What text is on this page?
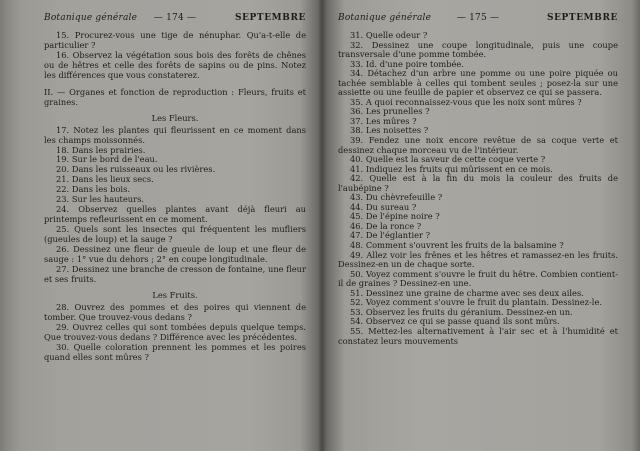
Botanique générale	— 174 —	SEPTEMBRE

15. Procurez-vous une tige de nénuphar. Qu'a-t-elle de particulier ?

16. Observez la végétation sous bois des forêts de chênes ou de hêtres et celle des forêts de sapins ou de pins. Notez les différences que vous constaterez.

II. — Organes et fonction de reproduction : Fleurs, fruits et graines.

Les Fleurs.

17. Notez les plantes qui fleurissent en ce moment dans les champs moissonnés.

18. Dans les prairies.

19. Sur le bord de l'eau.

20. Dans les ruisseaux ou les rivières.

21. Dans les lieux secs.

22. Dans les bois.

23. Sur les hauteurs.

24. Observez quelles plantes avant déjà fleuri au printemps refleurissent en ce moment.

25. Quels sont les insectes qui fréquentent les mufliers (gueules de loup) et la sauge ?

26. Dessinez une fleur de gueule de loup et une fleur de sauge : 1° vue du dehors ; 2° en coupe longitudinale.

27. Dessinez une branche de cresson de fontaine, une fleur et ses fruits.

Les Fruits.

28. Ouvrez des pommes et des poires qui viennent de tomber. Que trouvez-vous dedans ?

29. Ouvrez celles qui sont tombées depuis quelque temps. Que trouvez-vous dedans ? Différence avec les précédentes.

30. Quelle coloration prennent les pommes et les poires quand elles sont mûres ?

Botanique générale	— 175 —	SEPTEMBRE

31. Quelle odeur ?

32. Dessinez une coupe longitudinale, puis une coupe transversale d'une pomme tombée.

33. Id. d'une poire tombée.

34. Détachez d'un arbre une pomme ou une poire piquée ou tachée semblable à celles qui tombent seules ; posez-la sur une assiette ou une feuille de papier et observez ce qui se passera.

35. A quoi reconnaissez-vous que les noix sont mûres ?

36. Les prunelles ?

37. Les mûres ?

38. Les noisettes ?

39. Fendez une noix encore revêtue de sa coque verte et dessinez chaque morceau vu de l'intérieur.

40. Quelle est la saveur de cette coque verte ?

41. Indiquez les fruits qui mûrissent en ce mois.

42. Quelle est à la fin du mois la couleur des fruits de l'aubépine ?

43. Du chèvrefeuille ?

44. Du sureau ?

45. De l'épine noire ?

46. De la ronce ?

47. De l'églantier ?

48. Comment s'ouvrent les fruits de la balsamine ?

49. Allez voir les frênes et les hêtres et ramassez-en les fruits. Dessinez-en un de chaque sorte.

50. Voyez comment s'ouvre le fruit du hêtre. Combien contient-il de graines ? Dessinez-en une.

51. Dessinez une graine de charme avec ses deux ailes.

52. Voyez comment s'ouvre le fruit du plantain. Dessinez-le.

53. Observez les fruits du géranium. Dessinez-en un.

54. Observez ce qui se passe quand ils sont mûrs.

55. Mettez-les alternativement à l'air sec et à l'humidité et constatez leurs mouvements
